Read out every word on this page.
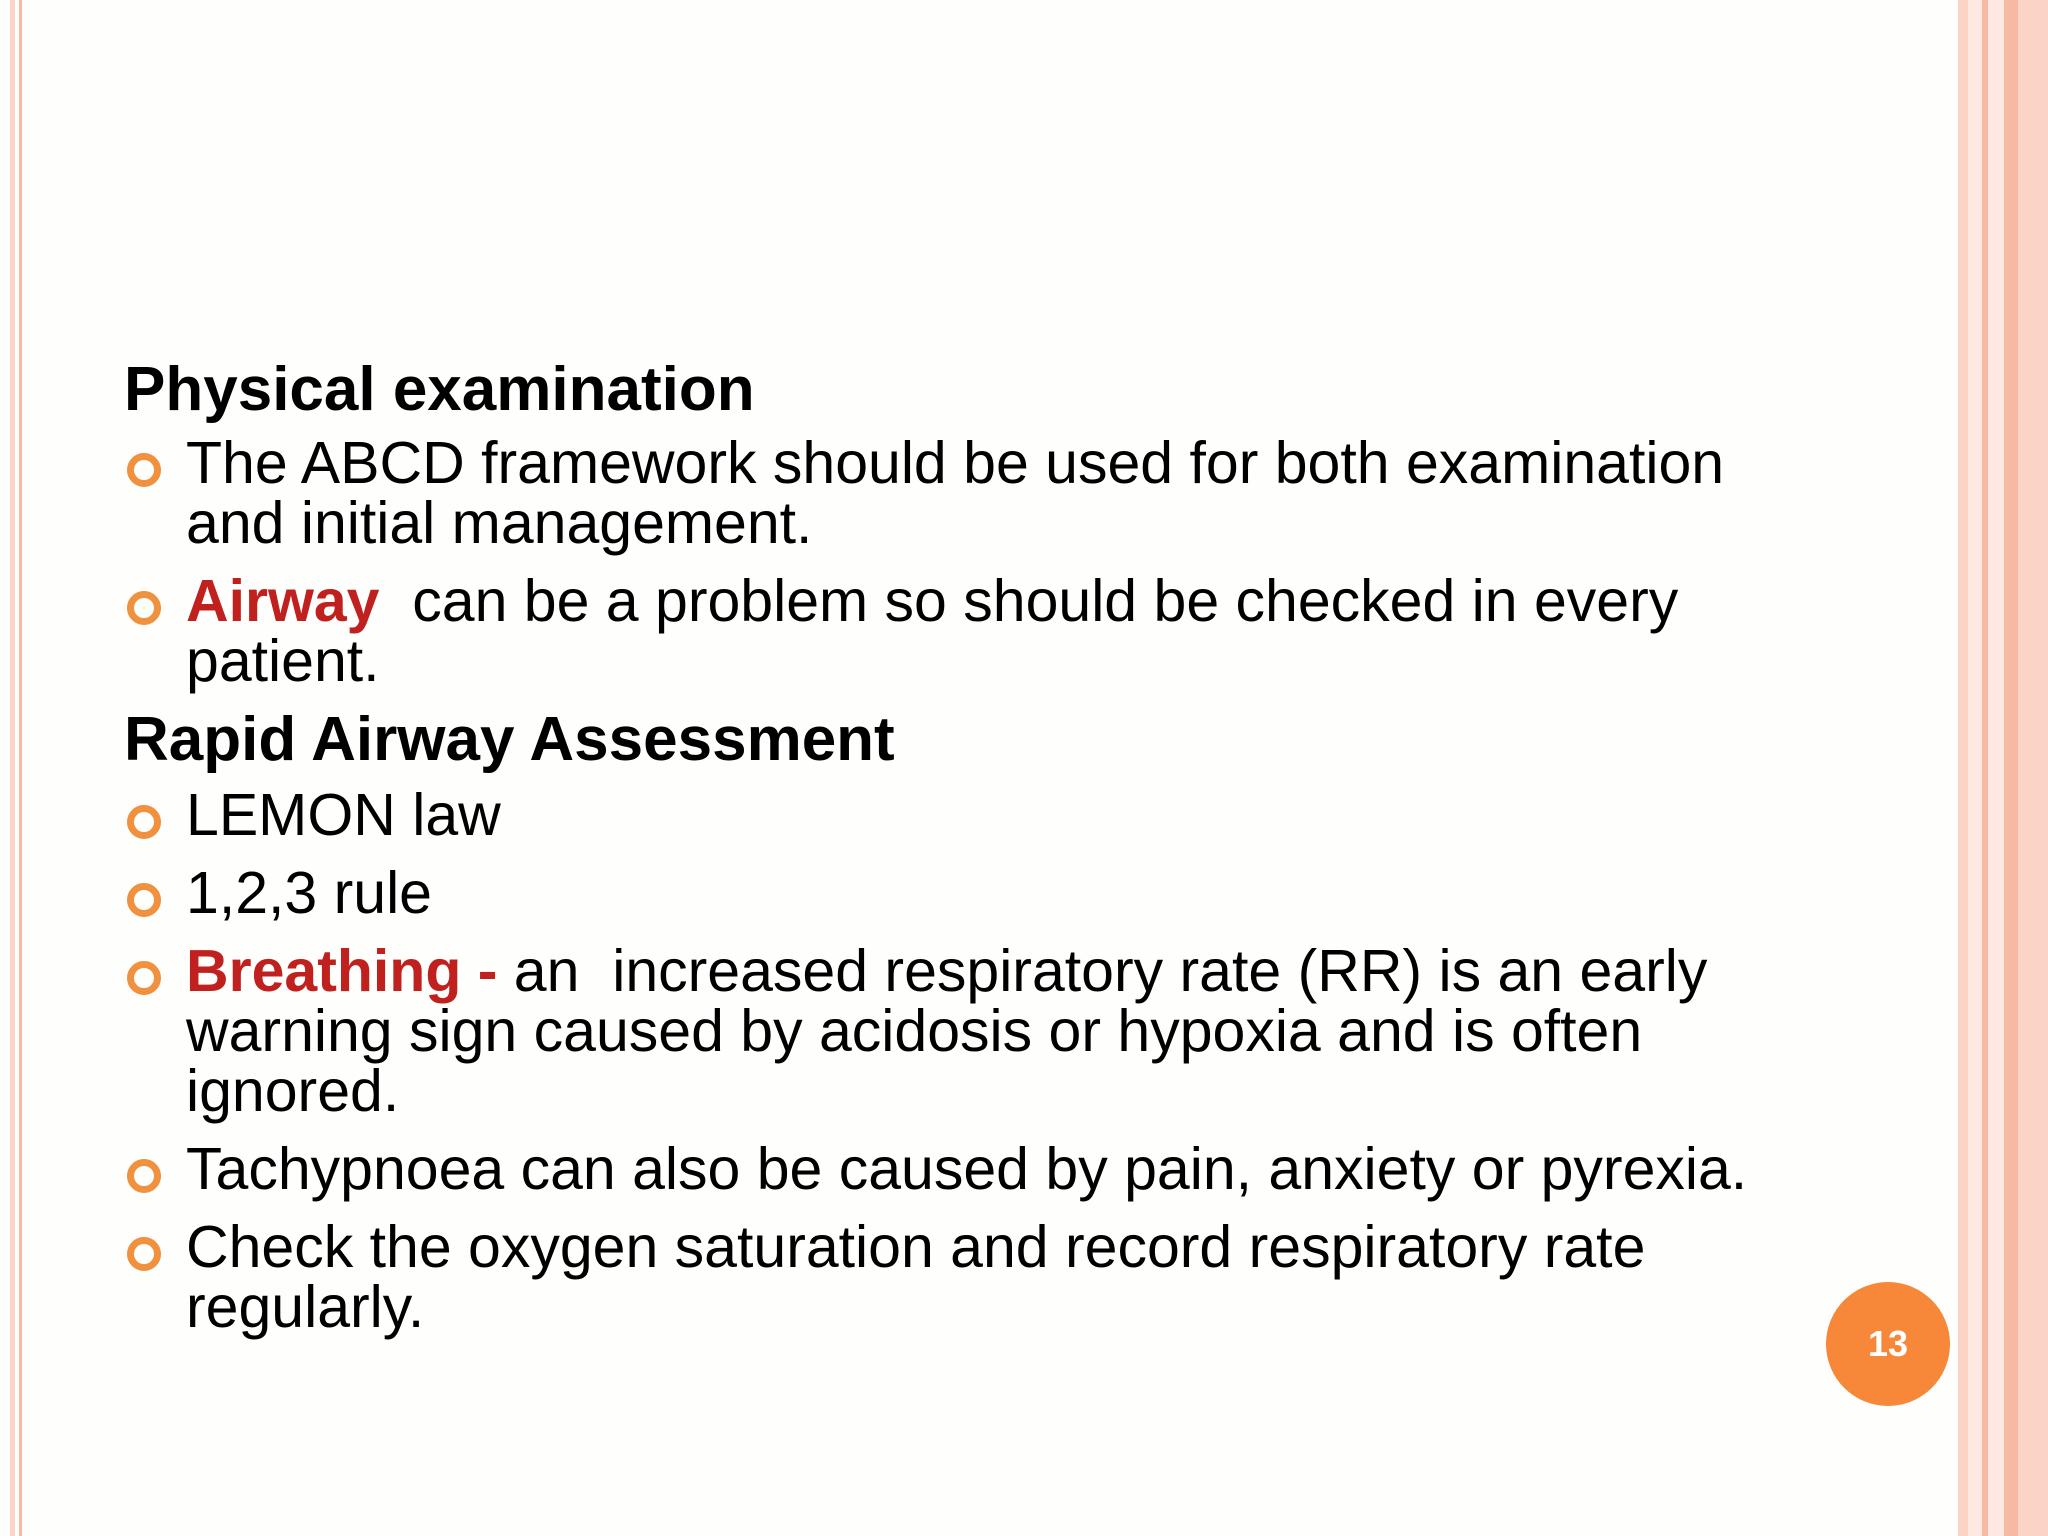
Physical examination

The ABCD framework should be used for both examination and initial management.
Airway  can be a problem so should be checked in every patient.

Rapid Airway Assessment

LEMON law
1,2,3 rule
Breathing - an  increased respiratory rate (RR) is an early warning sign caused by acidosis or hypoxia and is often ignored.
Tachypnoea can also be caused by pain, anxiety or pyrexia.
Check the oxygen saturation and record respiratory rate regularly.
13
